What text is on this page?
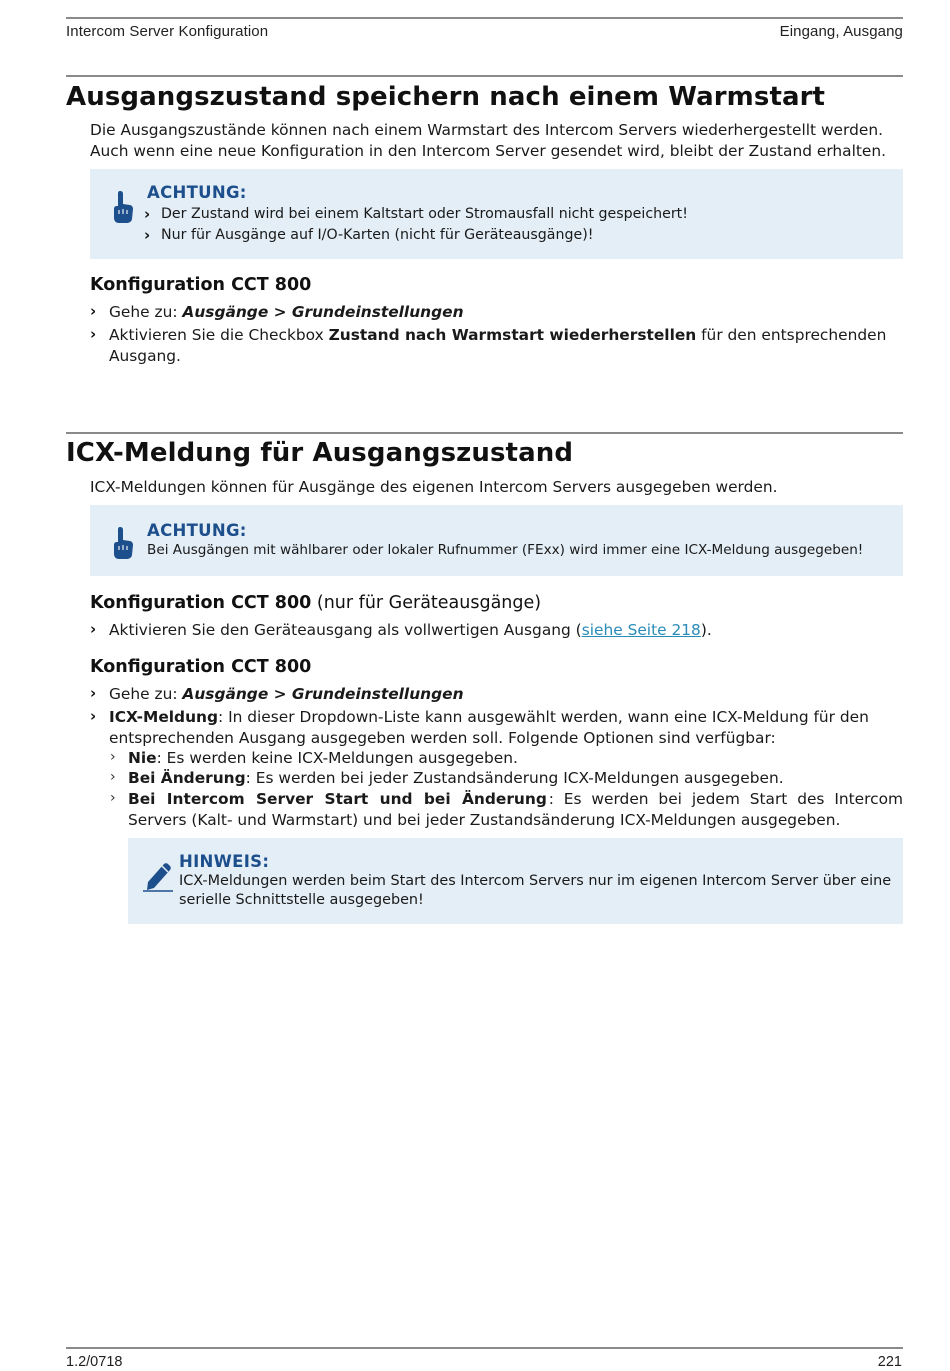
Intercom Server Konfiguration	Eingang, Ausgang
Ausgangszustand speichern nach einem Warmstart

Die Ausgangszustände können nach einem Warmstart des Intercom Servers wiederhergestellt werden.
Auch wenn eine neue Konfiguration in den Intercom Server gesendet wird, bleibt der Zustand erhalten.

ACHTUNG:
› Der Zustand wird bei einem Kaltstart oder Stromausfall nicht gespeichert!
› Nur für Ausgänge auf I/O-Karten (nicht für Geräteausgänge)!
Konfiguration CCT 800
› Gehe zu: Ausgänge > Grundeinstellungen
› Aktivieren Sie die Checkbox Zustand nach Warmstart wiederherstellen für den entsprechenden
Ausgang.
ICX-Meldung für Ausgangszustand

ICX-Meldungen können für Ausgänge des eigenen Intercom Servers ausgegeben werden.

ACHTUNG:
Bei Ausgängen mit wählbarer oder lokaler Rufnummer (FExx) wird immer eine ICX-Meldung ausgegeben!
Konfiguration CCT 800 (nur für Geräteausgänge)
› Aktivieren Sie den Geräteausgang als vollwertigen Ausgang (siehe Seite 218).
Konfiguration CCT 800
› Gehe zu: Ausgänge > Grundeinstellungen
› ICX-Meldung: In dieser Dropdown-Liste kann ausgewählt werden, wann eine ICX-Meldung für den
entsprechenden Ausgang ausgegeben werden soll. Folgende Optionen sind verfügbar:
› Nie: Es werden keine ICX-Meldungen ausgegeben.
› Bei Änderung: Es werden bei jeder Zustandsänderung ICX-Meldungen ausgegeben.
› Bei Intercom Server Start und bei Änderung : Es werden bei jedem Start des Intercom
Servers (Kalt- und Warmstart) und bei jeder Zustandsänderung ICX-Meldungen ausgegeben.
HINWEIS:
ICX-Meldungen werden beim Start des Intercom Servers nur im eigenen Intercom Server über eine
serielle Schnittstelle ausgegeben!
1.2/0718	221
